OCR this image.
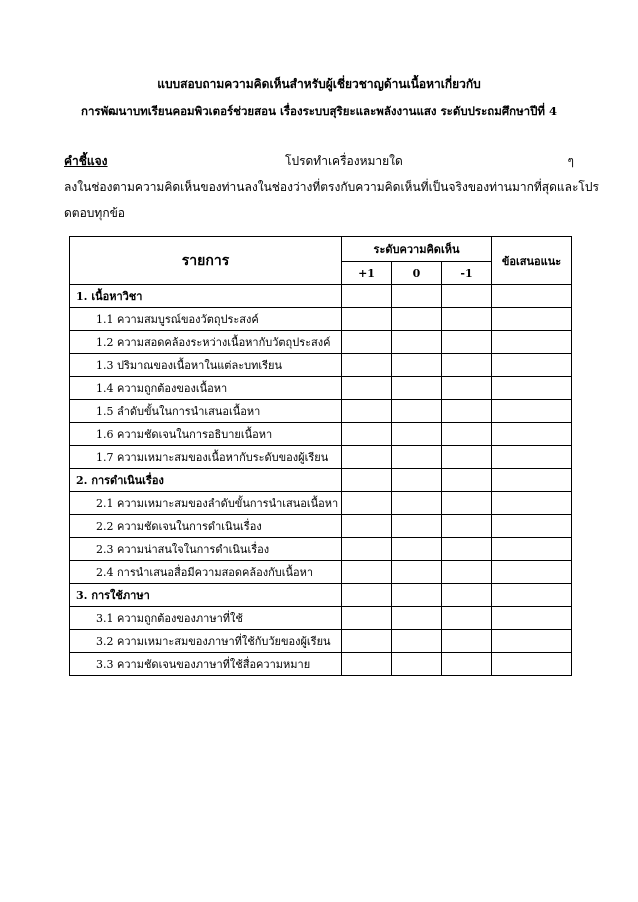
แบบสอบถามความคิดเห็นสำหรับผู้เชี่ยวชาญด้านเนื้อหาเกี่ยวกับ
การพัฒนาบทเรียนคอมพิวเตอร์ช่วยสอน เรื่องระบบสุริยะและพลังงานแสง ระดับประถมศึกษาปีที่ 4
คำชี้แจง	โปรดทำเครื่องหมายใด	ๆ
ลงในช่องตามความคิดเห็นของท่านลงในช่องว่างที่ตรงกับความคิดเห็นที่เป็นจริงของท่านมากที่สุดและโปร
ดตอบทุกข้อ
รายการ	ระดับความคิดเห็น			ข้อเสนอแนะ
	+1	0	-1	
1. เนื้อหาวิชา				
1.1 ความสมบูรณ์ของวัตถุประสงค์				
1.2 ความสอดคล้องระหว่างเนื้อหากับวัตถุประสงค์				
1.3 ปริมาณของเนื้อหาในแต่ละบทเรียน				
1.4 ความถูกต้องของเนื้อหา				
1.5 ลำดับขั้นในการนำเสนอเนื้อหา				
1.6 ความชัดเจนในการอธิบายเนื้อหา				
1.7 ความเหมาะสมของเนื้อหากับระดับของผู้เรียน				
2. การดำเนินเรื่อง				
2.1 ความเหมาะสมของลำดับขั้นการนำเสนอเนื้อหา				
2.2 ความชัดเจนในการดำเนินเรื่อง				
2.3 ความน่าสนใจในการดำเนินเรื่อง				
2.4 การนำเสนอสื่อมีความสอดคล้องกับเนื้อหา				
3. การใช้ภาษา				
3.1 ความถูกต้องของภาษาที่ใช้				
3.2 ความเหมาะสมของภาษาที่ใช้กับวัยของผู้เรียน				
3.3 ความชัดเจนของภาษาที่ใช้สื่อความหมาย				
